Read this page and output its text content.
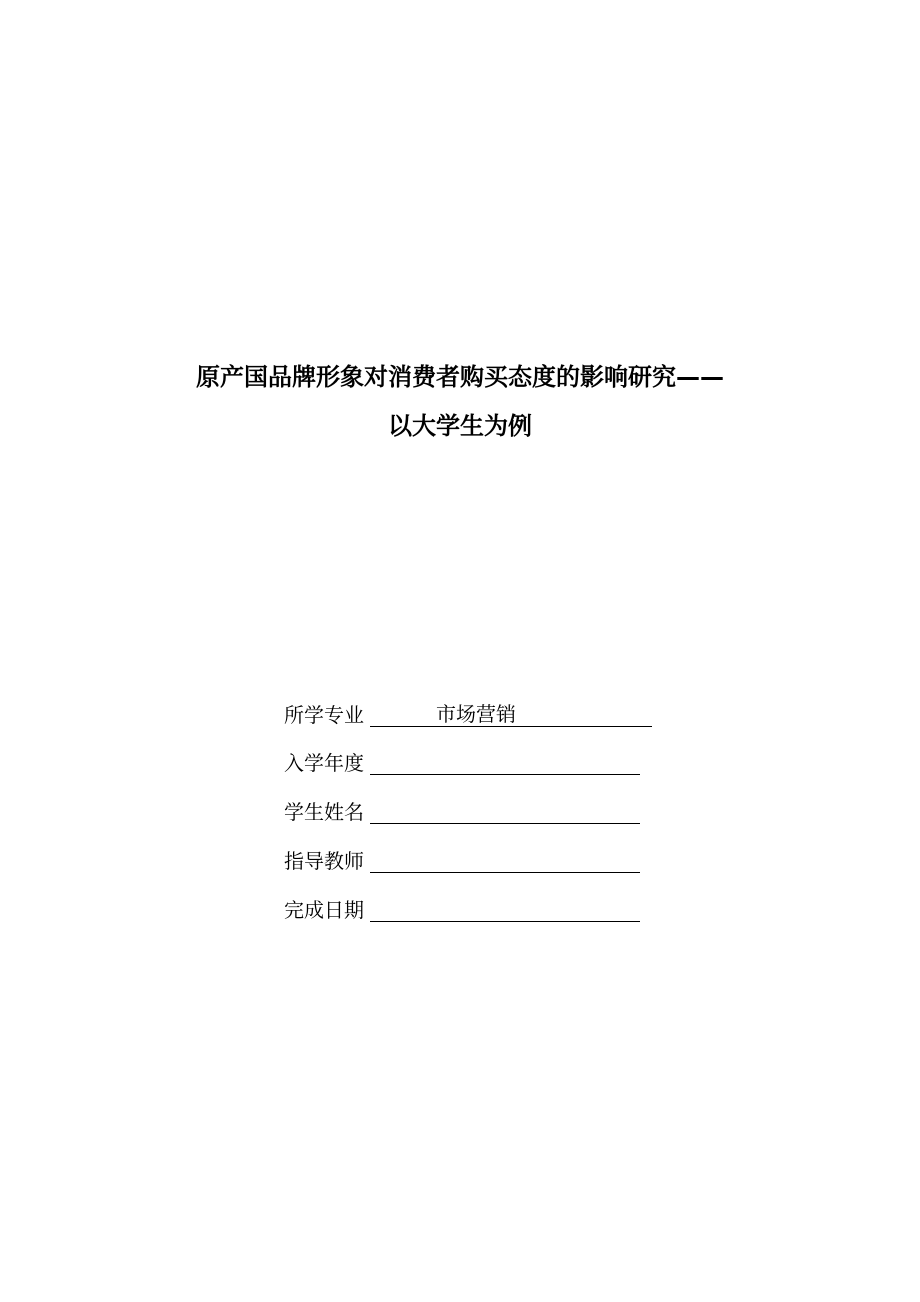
原产国品牌形象对消费者购买态度的影响研究——
以大学生为例
所学专业	市场营销
入学年度
学生姓名
指导教师
完成日期
